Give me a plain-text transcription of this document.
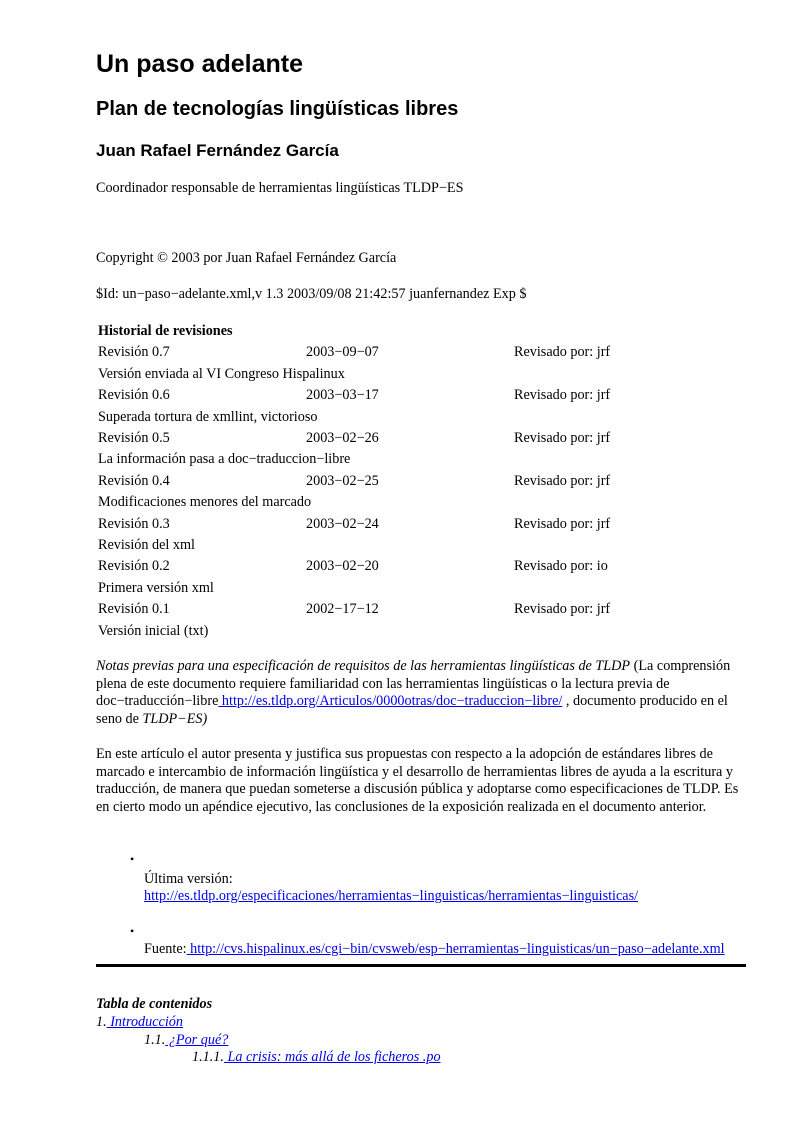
Un paso adelante
Plan de tecnologías lingüísticas libres
Juan Rafael Fernández García
Coordinador responsable de herramientas lingüísticas TLDP−ES
Copyright © 2003 por Juan Rafael Fernández García
$Id: un−paso−adelante.xml,v 1.3 2003/09/08 21:42:57 juanfernandez Exp $
Historial de revisiones		
Revisión 0.7	2003−09−07	Revisado por: jrf
Versión enviada al VI Congreso Hispalinux		
Revisión 0.6	2003−03−17	Revisado por: jrf
Superada tortura de xmllint, victorioso		
Revisión 0.5	2003−02−26	Revisado por: jrf
La información pasa a doc−traduccion−libre		
Revisión 0.4	2003−02−25	Revisado por: jrf
Modificaciones menores del marcado		
Revisión 0.3	2003−02−24	Revisado por: jrf
Revisión del xml		
Revisión 0.2	2003−02−20	Revisado por: io
Primera versión xml		
Revisión 0.1	2002−17−12	Revisado por: jrf
Versión inicial (txt)		
Notas previas para una especificación de requisitos de las herramientas lingüísticas de TLDP (La comprensión plena de este documento requiere familiaridad con las herramientas lingüísticas o la lectura previa de doc−traducción−libre http://es.tldp.org/Articulos/0000otras/doc−traduccion−libre/ , documento producido en el seno de TLDP−ES)
En este artículo el autor presenta y justifica sus propuestas con respecto a la adopción de estándares libres de marcado e intercambio de información lingüística y el desarrollo de herramientas libres de ayuda a la escritura y traducción, de manera que puedan someterse a discusión pública y adoptarse como especificaciones de TLDP. Es en cierto modo un apéndice ejecutivo, las conclusiones de la exposición realizada en el documento anterior.
•
Última versión:
http://es.tldp.org/especificaciones/herramientas−linguisticas/herramientas−linguisticas/
•
Fuente: http://cvs.hispalinux.es/cgi−bin/cvsweb/esp−herramientas−linguisticas/un−paso−adelante.xml
Tabla de contenidos
1. Introducción
1.1. ¿Por qué?
1.1.1. La crisis: más allá de los ficheros .po
